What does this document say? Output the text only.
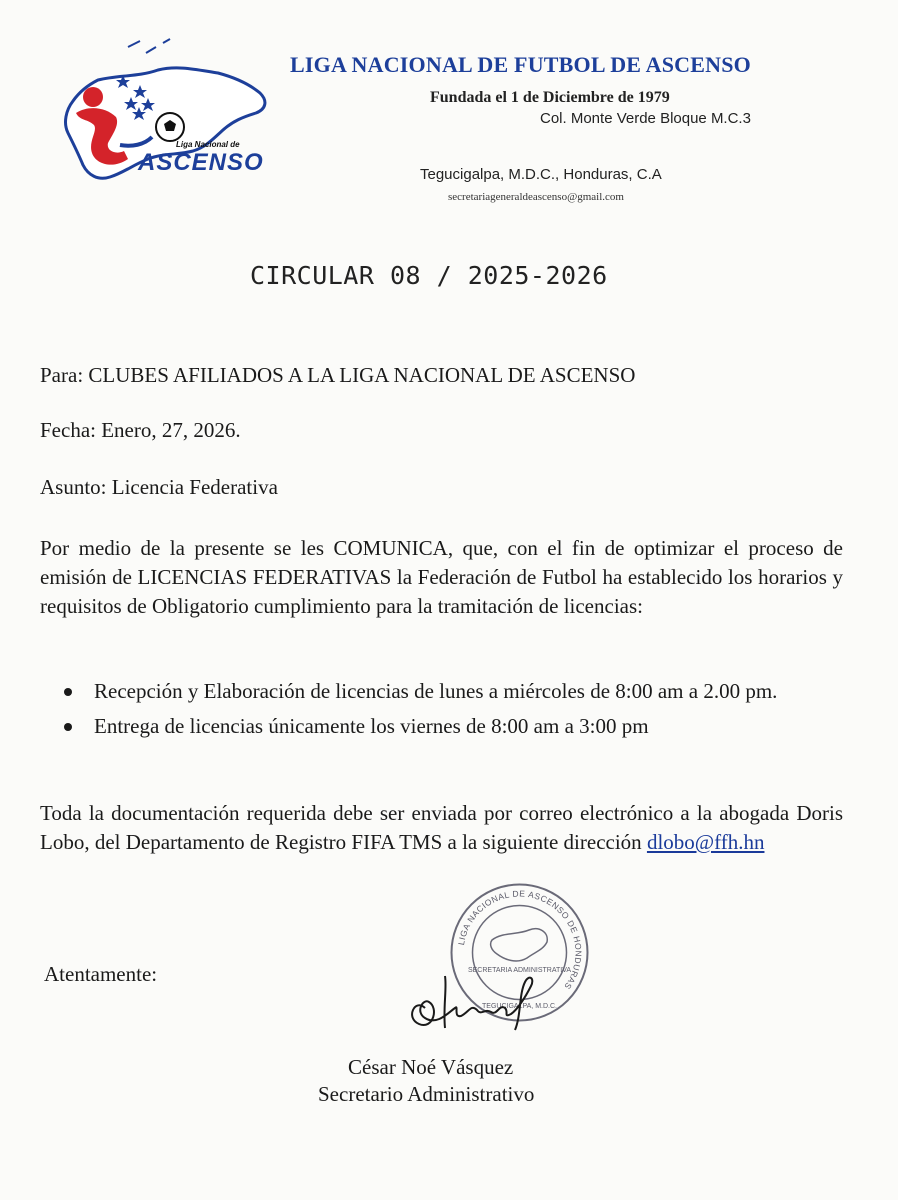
Liga Nacional de
ASCENSO
LIGA NACIONAL DE FUTBOL DE ASCENSO
Fundada el 1 de Diciembre de 1979
Col. Monte Verde Bloque M.C.3
Tegucigalpa, M.D.C., Honduras, C.A
secretariageneraldeascenso@gmail.com
CIRCULAR 08 / 2025-2026
Para: CLUBES AFILIADOS A LA LIGA NACIONAL DE ASCENSO
Fecha: Enero, 27, 2026.
Asunto: Licencia Federativa
Por medio de la presente se les COMUNICA, que, con el fin de optimizar el proceso de emisión de LICENCIAS FEDERATIVAS la Federación de Futbol ha establecido los horarios y requisitos de Obligatorio cumplimiento para la tramitación de licencias:
Recepción y Elaboración de licencias de lunes a miércoles de 8:00 am a 2.00 pm.
Entrega de licencias únicamente los viernes de 8:00 am a 3:00 pm
Toda la documentación requerida debe ser enviada por correo electrónico a la abogada Doris Lobo, del Departamento de Registro FIFA TMS a la siguiente dirección dlobo@ffh.hn
Atentamente:
LIGA NACIONAL DE ASCENSO DE HONDURAS
SECRETARIA ADMINISTRATIVA
TEGUCIGALPA, M.D.C.
César Noé Vásquez
Secretario Administrativo
